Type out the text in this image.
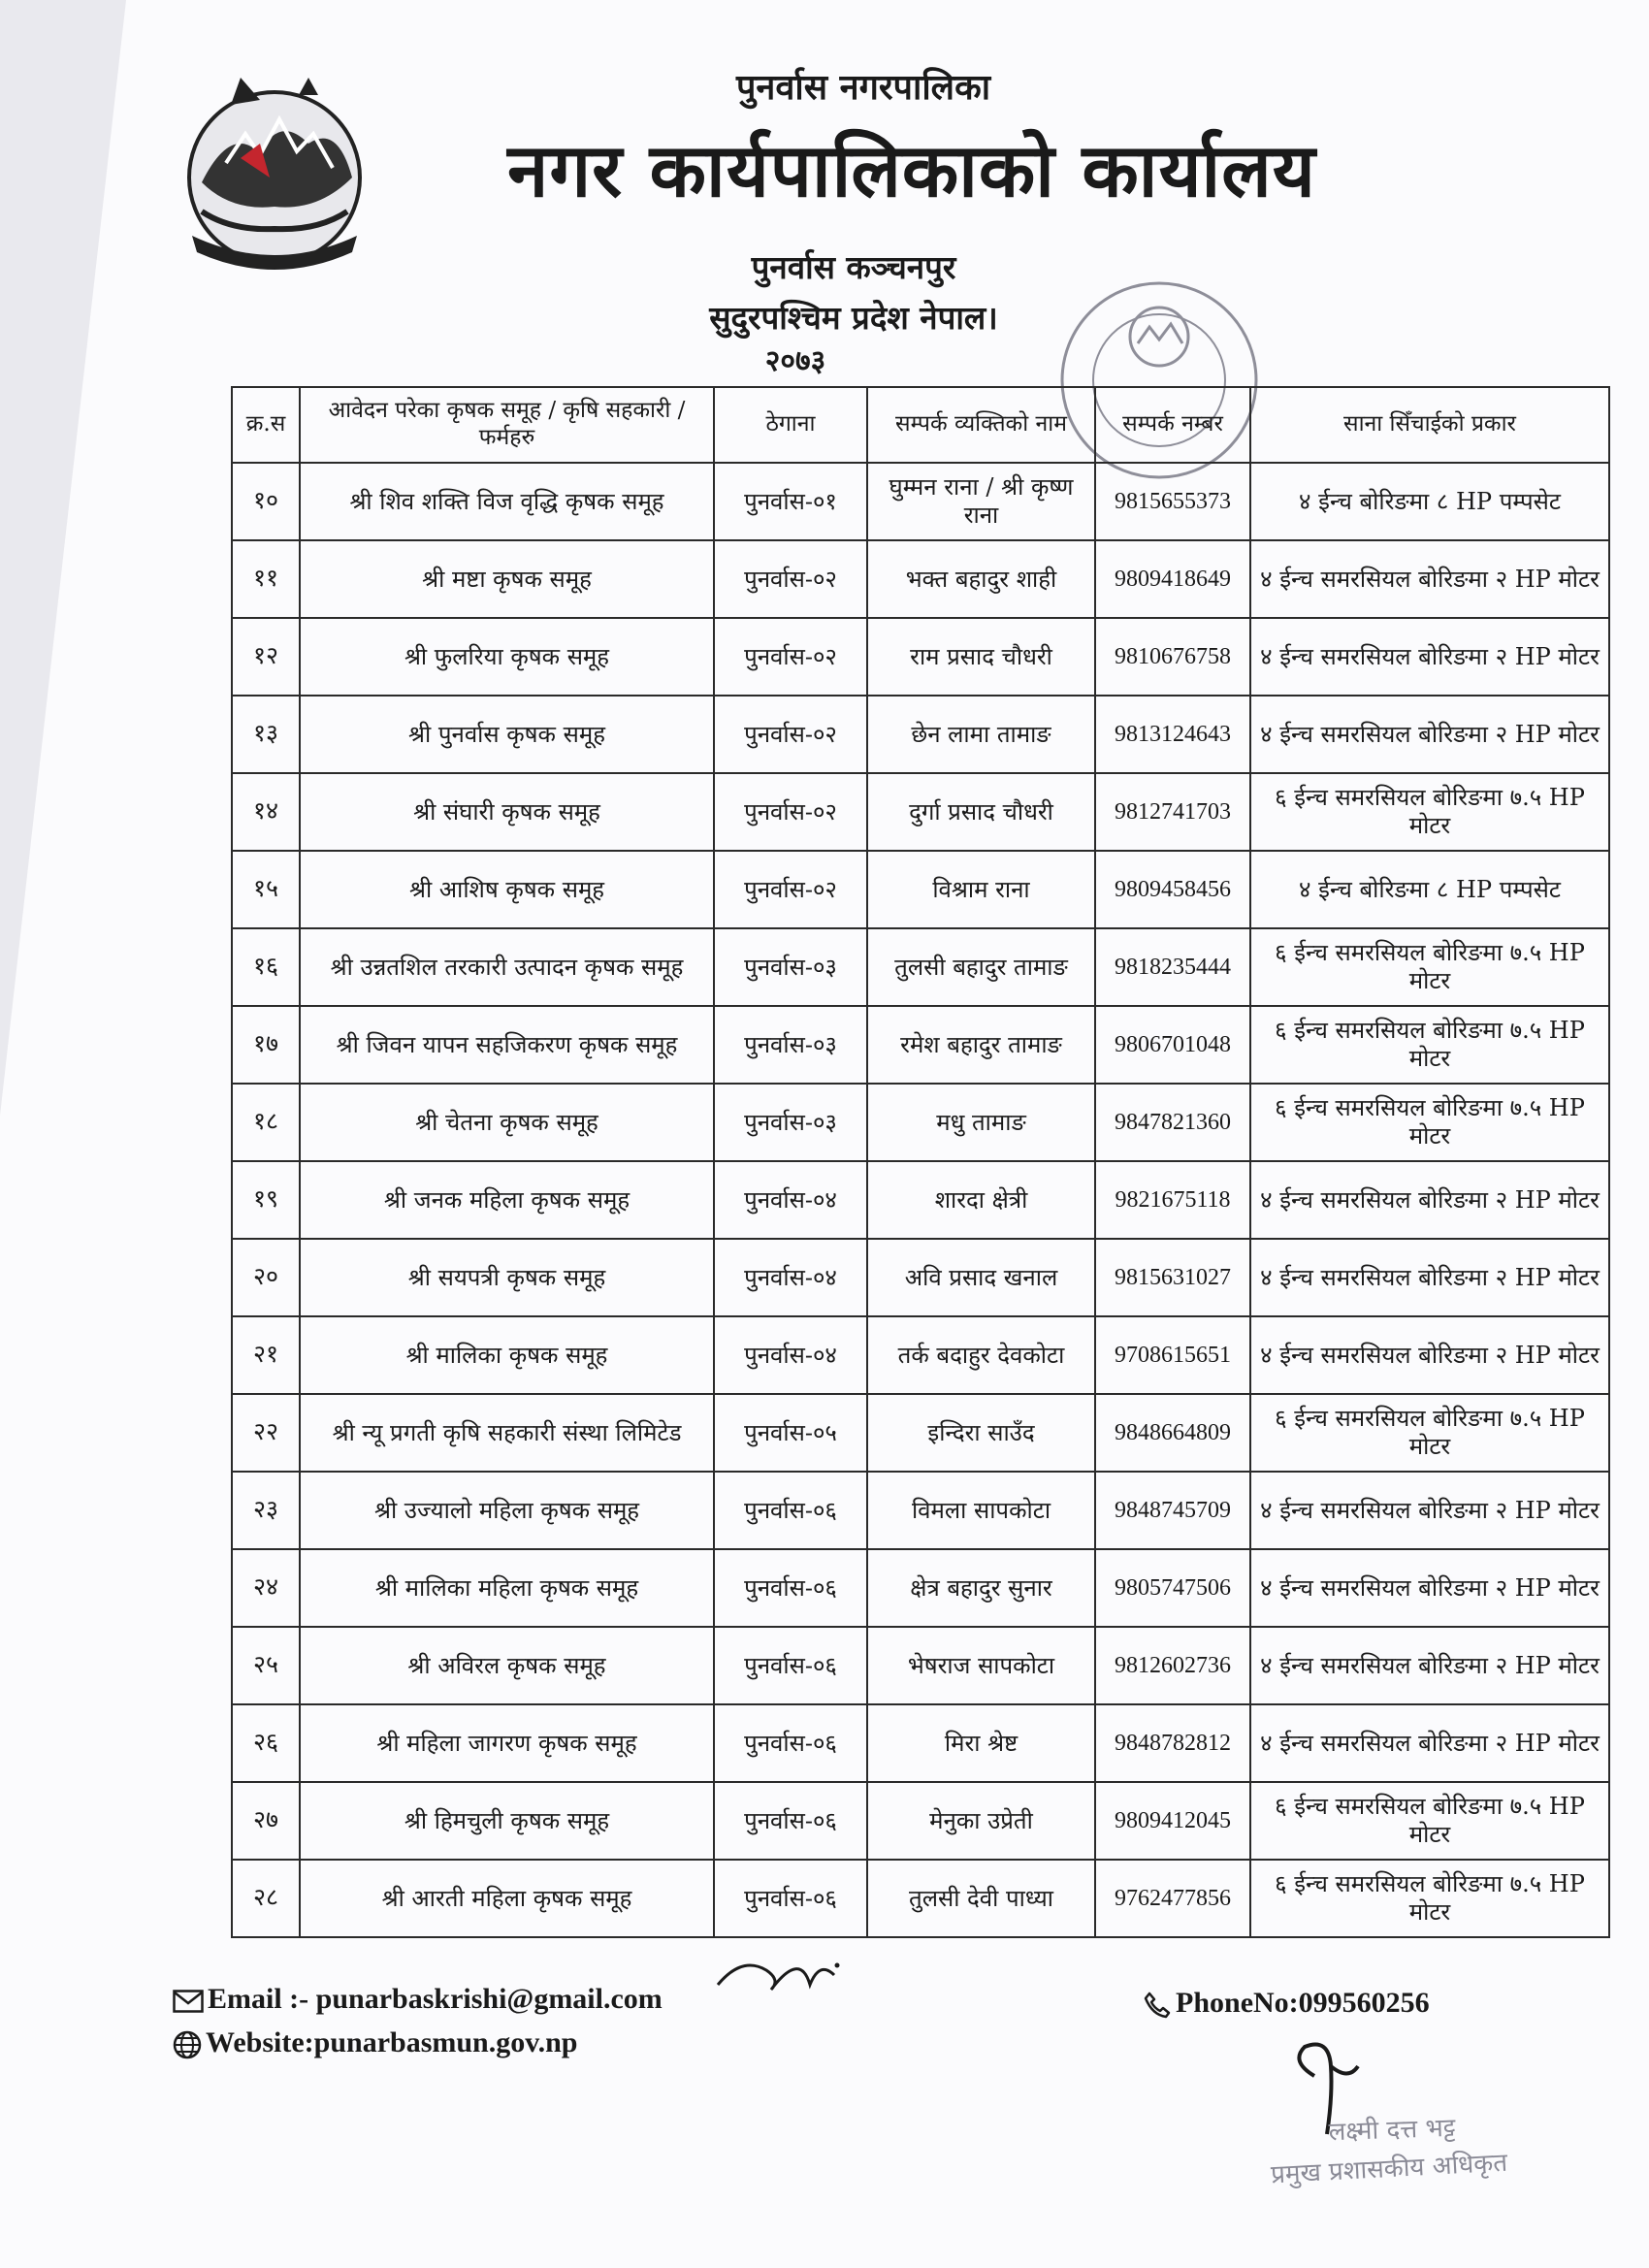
पुनर्वास नगरपालिका
नगर कार्यपालिकाको कार्यालय
पुनर्वास कञ्चनपुर
सुदुरपश्चिम प्रदेश नेपाल।
२०७३
क्र.स	आवेदन परेका कृषक समूह / कृषि सहकारी / फर्महरु	ठेगाना	सम्पर्क व्यक्तिको नाम	सम्पर्क नम्बर	साना सिँचाईको प्रकार
१०	श्री शिव शक्ति विज वृद्धि कृषक समूह	पुनर्वास-०१	घुम्मन राना / श्री कृष्ण राना	9815655373	४ ईन्च बोरिङमा ८ HP पम्पसेट
११	श्री मष्टा कृषक समूह	पुनर्वास-०२	भक्त बहादुर शाही	9809418649	४ ईन्च समरसियल बोरिङमा २ HP मोटर
१२	श्री फुलरिया कृषक समूह	पुनर्वास-०२	राम प्रसाद चौधरी	9810676758	४ ईन्च समरसियल बोरिङमा २ HP मोटर
१३	श्री पुनर्वास कृषक समूह	पुनर्वास-०२	छेन लामा तामाङ	9813124643	४ ईन्च समरसियल बोरिङमा २ HP मोटर
१४	श्री संघारी कृषक समूह	पुनर्वास-०२	दुर्गा प्रसाद चौधरी	9812741703	६ ईन्च समरसियल बोरिङमा ७.५ HP मोटर
१५	श्री आशिष कृषक समूह	पुनर्वास-०२	विश्राम राना	9809458456	४ ईन्च बोरिङमा ८ HP पम्पसेट
१६	श्री उन्नतशिल तरकारी उत्पादन कृषक समूह	पुनर्वास-०३	तुलसी बहादुर तामाङ	9818235444	६ ईन्च समरसियल बोरिङमा ७.५ HP मोटर
१७	श्री जिवन यापन सहजिकरण कृषक समूह	पुनर्वास-०३	रमेश बहादुर तामाङ	9806701048	६ ईन्च समरसियल बोरिङमा ७.५ HP मोटर
१८	श्री चेतना कृषक समूह	पुनर्वास-०३	मधु तामाङ	9847821360	६ ईन्च समरसियल बोरिङमा ७.५ HP मोटर
१९	श्री जनक महिला कृषक समूह	पुनर्वास-०४	शारदा क्षेत्री	9821675118	४ ईन्च समरसियल बोरिङमा २ HP मोटर
२०	श्री सयपत्री कृषक समूह	पुनर्वास-०४	अवि प्रसाद खनाल	9815631027	४ ईन्च समरसियल बोरिङमा २ HP मोटर
२१	श्री मालिका कृषक समूह	पुनर्वास-०४	तर्क बदाहुर देवकोटा	9708615651	४ ईन्च समरसियल बोरिङमा २ HP मोटर
२२	श्री न्यू प्रगती कृषि सहकारी संस्था लिमिटेड	पुनर्वास-०५	इन्दिरा साउँद	9848664809	६ ईन्च समरसियल बोरिङमा ७.५ HP मोटर
२३	श्री उज्यालो महिला कृषक समूह	पुनर्वास-०६	विमला सापकोटा	9848745709	४ ईन्च समरसियल बोरिङमा २ HP मोटर
२४	श्री मालिका महिला कृषक समूह	पुनर्वास-०६	क्षेत्र बहादुर सुनार	9805747506	४ ईन्च समरसियल बोरिङमा २ HP मोटर
२५	श्री अविरल कृषक समूह	पुनर्वास-०६	भेषराज सापकोटा	9812602736	४ ईन्च समरसियल बोरिङमा २ HP मोटर
२६	श्री महिला जागरण कृषक समूह	पुनर्वास-०६	मिरा श्रेष्ट	9848782812	४ ईन्च समरसियल बोरिङमा २ HP मोटर
२७	श्री हिमचुली कृषक समूह	पुनर्वास-०६	मेनुका उप्रेती	9809412045	६ ईन्च समरसियल बोरिङमा ७.५ HP मोटर
२८	श्री आरती महिला कृषक समूह	पुनर्वास-०६	तुलसी देवी पाध्या	9762477856	६ ईन्च समरसियल बोरिङमा ७.५ HP मोटर
Email :- punarbaskrishi@gmail.com
Website:punarbasmun.gov.np
PhoneNo:099560256
लक्ष्मी दत्त भट्ट
प्रमुख प्रशासकीय अधिकृत
